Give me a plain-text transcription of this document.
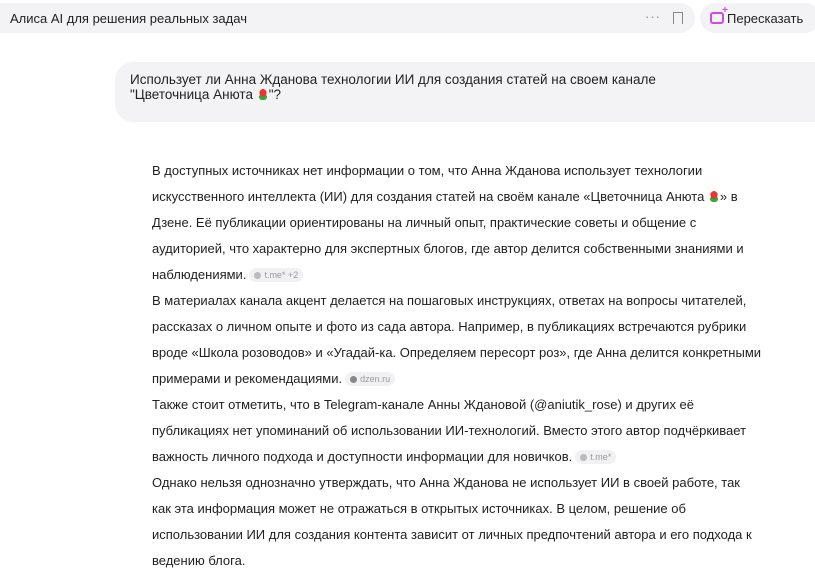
Алиса AI для решения реальных задач	··· +	Пересказать
Использует ли Анна Жданова технологии ИИ для создания статей на своем канале
"Цветочница Анюта "?

В доступных источниках нет информации о том, что Анна Жданова использует технологии искусственного интеллекта (ИИ) для создания статей на своём канале «Цветочница Анюта » в Дзене. Её публикации ориентированы на личный опыт, практические советы и общение с аудиторией, что характерно для экспертных блогов, где автор делится собственными знаниями и наблюдениями. t.me* +2

В материалах канала акцент делается на пошаговых инструкциях, ответах на вопросы читателей, рассказах о личном опыте и фото из сада автора. Например, в публикациях встречаются рубрики вроде «Школа розоводов» и «Угадай-ка. Определяем пересорт роз», где Анна делится конкретными примерами и рекомендациями. dzen.ru

Также стоит отметить, что в Telegram-канале Анны Ждановой (@aniutik_rose) и других её публикациях нет упоминаний об использовании ИИ-технологий. Вместо этого автор подчёркивает важность личного подхода и доступности информации для новичков. t.me*

Однако нельзя однозначно утверждать, что Анна Жданова не использует ИИ в своей работе, так как эта информация может не отражаться в открытых источниках. В целом, решение об использовании ИИ для создания контента зависит от личных предпочтений автора и его подхода к ведению блога.
